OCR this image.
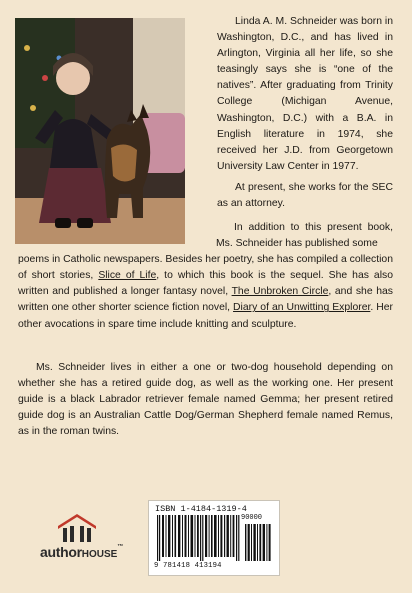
Linda A. M. Schneider was born in Washington, D.C., and has lived in Arlington, Virginia all her life, so she teasingly says she is “one of the natives”. After graduating from Trinity College (Michigan Avenue, Washington, D.C.) with a B.A. in English literature in 1974, she received her J.D. from Georgetown University Law Center in 1977.

At present, she works for the SEC as an attorney.

In addition to this present book, Ms. Schneider has published some

poems in Catholic newspapers. Besides her poetry, she has compiled a collection of short stories, Slice of Life, to which this book is the sequel. She has also written and published a longer fantasy novel, The Unbroken Circle, and she has written one other shorter science fiction novel, Diary of an Unwitting Explorer. Her other avocations in spare time include knitting and sculpture.

Ms. Schneider lives in either a one or two-dog household depending on whether she has a retired guide dog, as well as the working one. Her present guide is a black Labrador retriever female named Gemma; her present retired guide dog is an Australian Cattle Dog/German Shepherd female named Remus, as in the roman twins.

authorHOUSE™
ISBN 1-4184-1319-4
90000
9 781418 413194
